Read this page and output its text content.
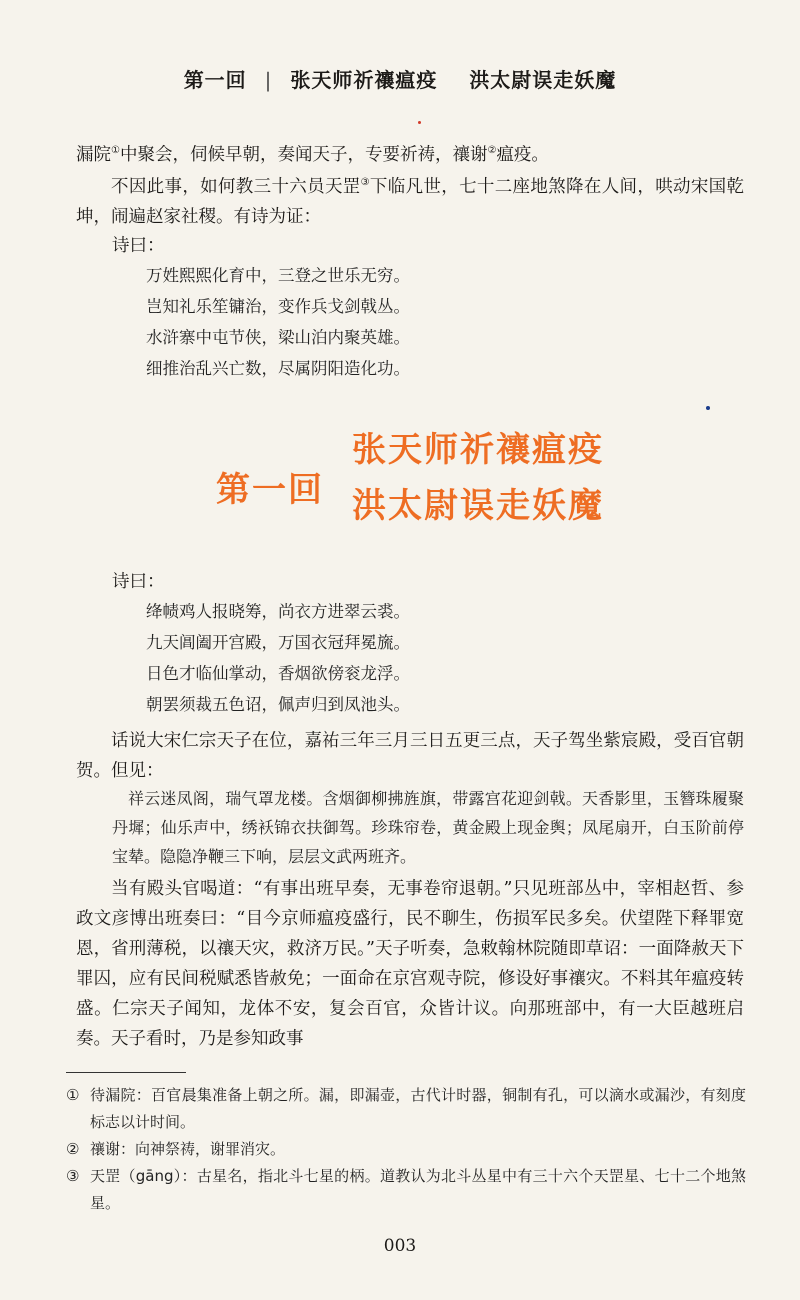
第一回 | 张天师祈禳瘟疫 洪太尉误走妖魔

漏院①中聚会，伺候早朝，奏闻天子，专要祈祷，禳谢②瘟疫。

不因此事，如何教三十六员天罡③下临凡世，七十二座地煞降在人间，哄动宋国乾坤，闹遍赵家社稷。有诗为证：

诗曰：
万姓熙熙化育中，三登之世乐无穷。
岂知礼乐笙镛治，变作兵戈剑戟丛。
水浒寨中屯节侠，梁山泊内聚英雄。
细推治乱兴亡数，尽属阴阳造化功。
第一回
张天师祈禳瘟疫
洪太尉误走妖魔
诗曰：
绛帻鸡人报晓筹，尚衣方进翠云裘。
九天阊阖开宫殿，万国衣冠拜冕旒。
日色才临仙掌动，香烟欲傍衮龙浮。
朝罢须裁五色诏，佩声归到凤池头。

话说大宋仁宗天子在位，嘉祐三年三月三日五更三点，天子驾坐紫宸殿，受百官朝贺。但见：

祥云迷凤阁，瑞气罩龙楼。含烟御柳拂旌旗，带露宫花迎剑戟。天香影里，玉簪珠履聚丹墀；仙乐声中，绣袄锦衣扶御驾。珍珠帘卷，黄金殿上现金舆；凤尾扇开，白玉阶前停宝辇。隐隐净鞭三下响，层层文武两班齐。

当有殿头官喝道：“有事出班早奏，无事卷帘退朝。”只见班部丛中，宰相赵哲、参政文彦博出班奏曰：“目今京师瘟疫盛行，民不聊生，伤损军民多矣。伏望陛下释罪宽恩，省刑薄税，以禳天灾，救济万民。”天子听奏，急敕翰林院随即草诏：一面降赦天下罪囚，应有民间税赋悉皆赦免；一面命在京宫观寺院，修设好事禳灾。不料其年瘟疫转盛。仁宗天子闻知，龙体不安，复会百官，众皆计议。向那班部中，有一大臣越班启奏。天子看时，乃是参知政事

① 待漏院：百官晨集准备上朝之所。漏，即漏壶，古代计时器，铜制有孔，可以滴水或漏沙，有刻度标志以计时间。
② 禳谢：向神祭祷，谢罪消灾。
③ 天罡（gāng）：古星名，指北斗七星的柄。道教认为北斗丛星中有三十六个天罡星、七十二个地煞星。
003
